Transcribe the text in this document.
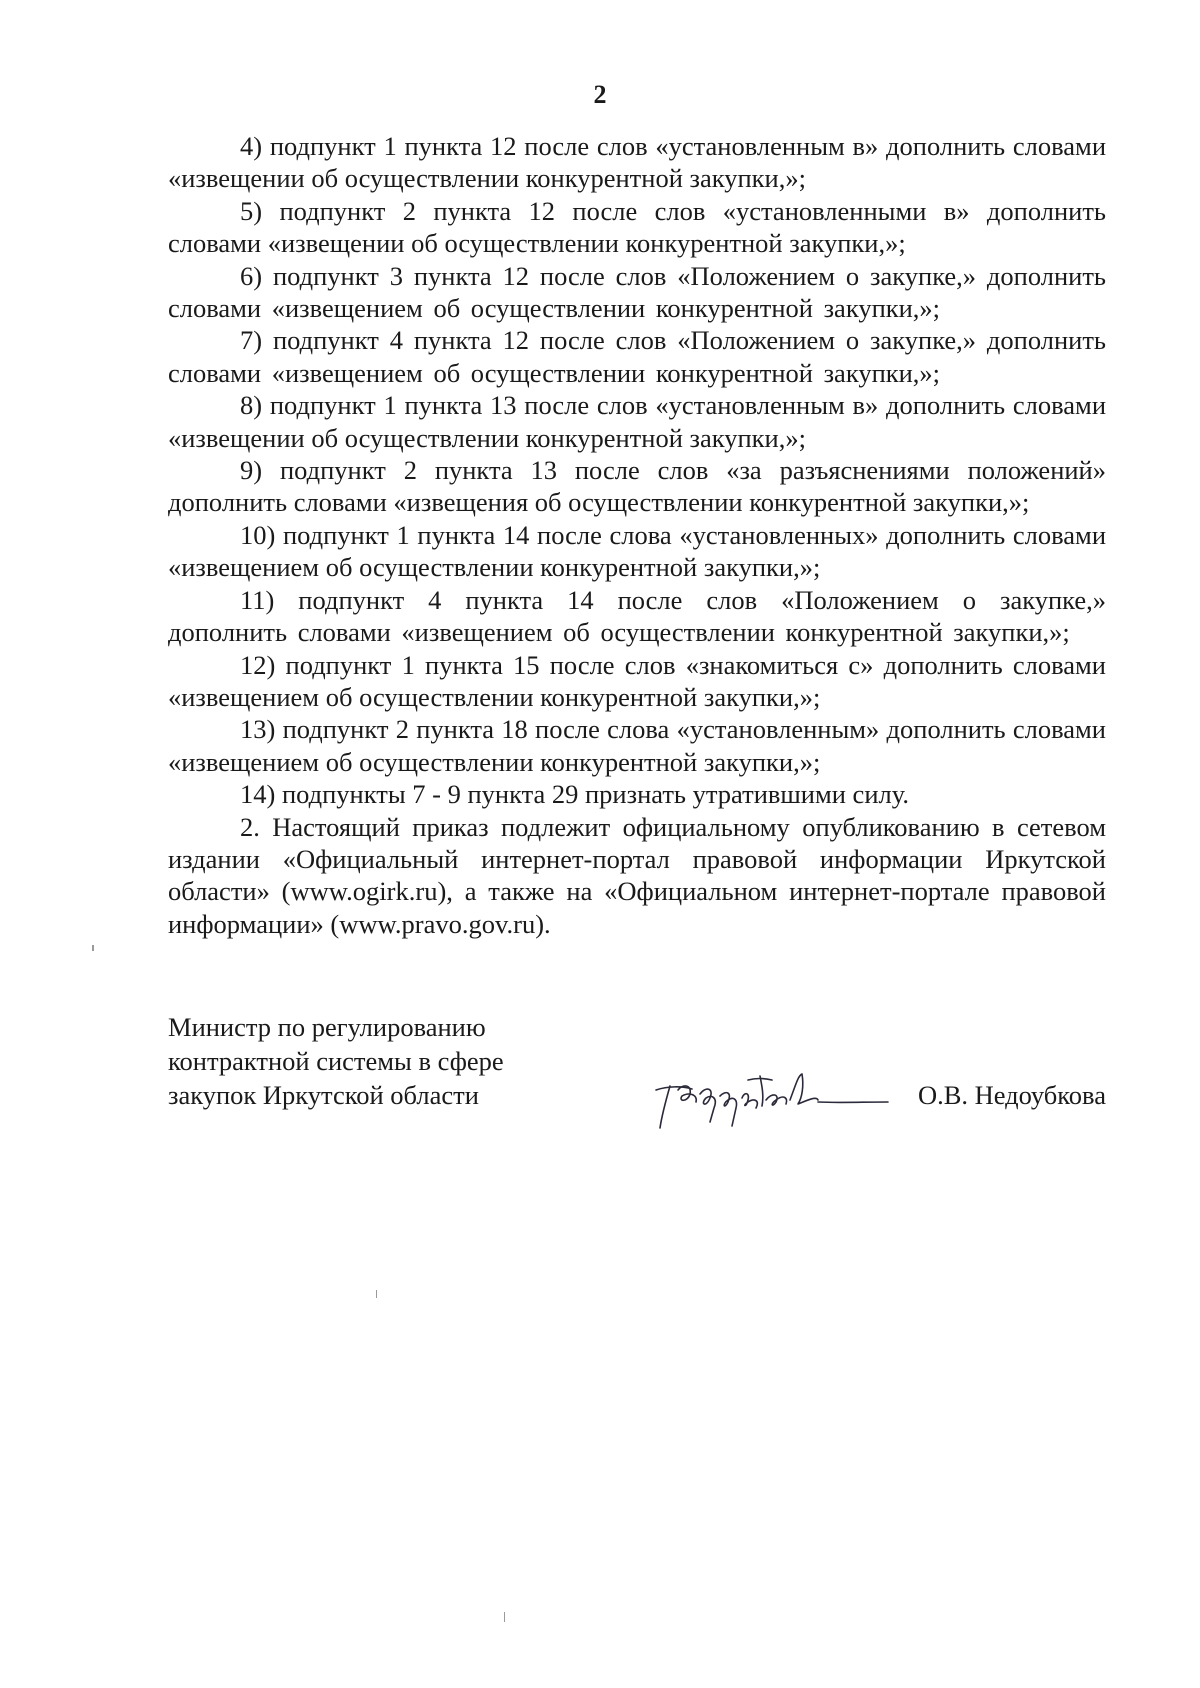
2

4) подпункт 1 пункта 12 после слов «установленным в» дополнить словами «извещении об осуществлении конкурентной закупки,»;

5) подпункт 2 пункта 12 после слов «установленными в» дополнить словами «извещении об осуществлении конкурентной закупки,»;

6) подпункт 3 пункта 12 после слов «Положением о закупке,» дополнить словами «извещением об осуществлении конкурентной закупки,»;

7) подпункт 4 пункта 12 после слов «Положением о закупке,» дополнить словами «извещением об осуществлении конкурентной закупки,»;

8) подпункт 1 пункта 13 после слов «установленным в» дополнить словами «извещении об осуществлении конкурентной закупки,»;

9) подпункт 2 пункта 13 после слов «за разъяснениями положений» дополнить словами «извещения об осуществлении конкурентной закупки,»;

10) подпункт 1 пункта 14 после слова «установленных» дополнить словами «извещением об осуществлении конкурентной закупки,»;

11) подпункт 4 пункта 14 после слов «Положением о закупке,» дополнить словами «извещением об осуществлении конкурентной закупки,»;

12) подпункт 1 пункта 15 после слов «знакомиться с» дополнить словами «извещением об осуществлении конкурентной закупки,»;

13) подпункт 2 пункта 18 после слова «установленным» дополнить словами «извещением об осуществлении конкурентной закупки,»;

14) подпункты 7 - 9 пункта 29 признать утратившими силу.

2. Настоящий приказ подлежит официальному опубликованию в сетевом издании «Официальный интернет-портал правовой информации Иркутской области» (www.ogirk.ru), а также на «Официальном интернет-портале правовой информации» (www.pravo.gov.ru).

Министр по регулированию
контрактной системы в сфере
закупок Иркутской области	О.В. Недоубкова
